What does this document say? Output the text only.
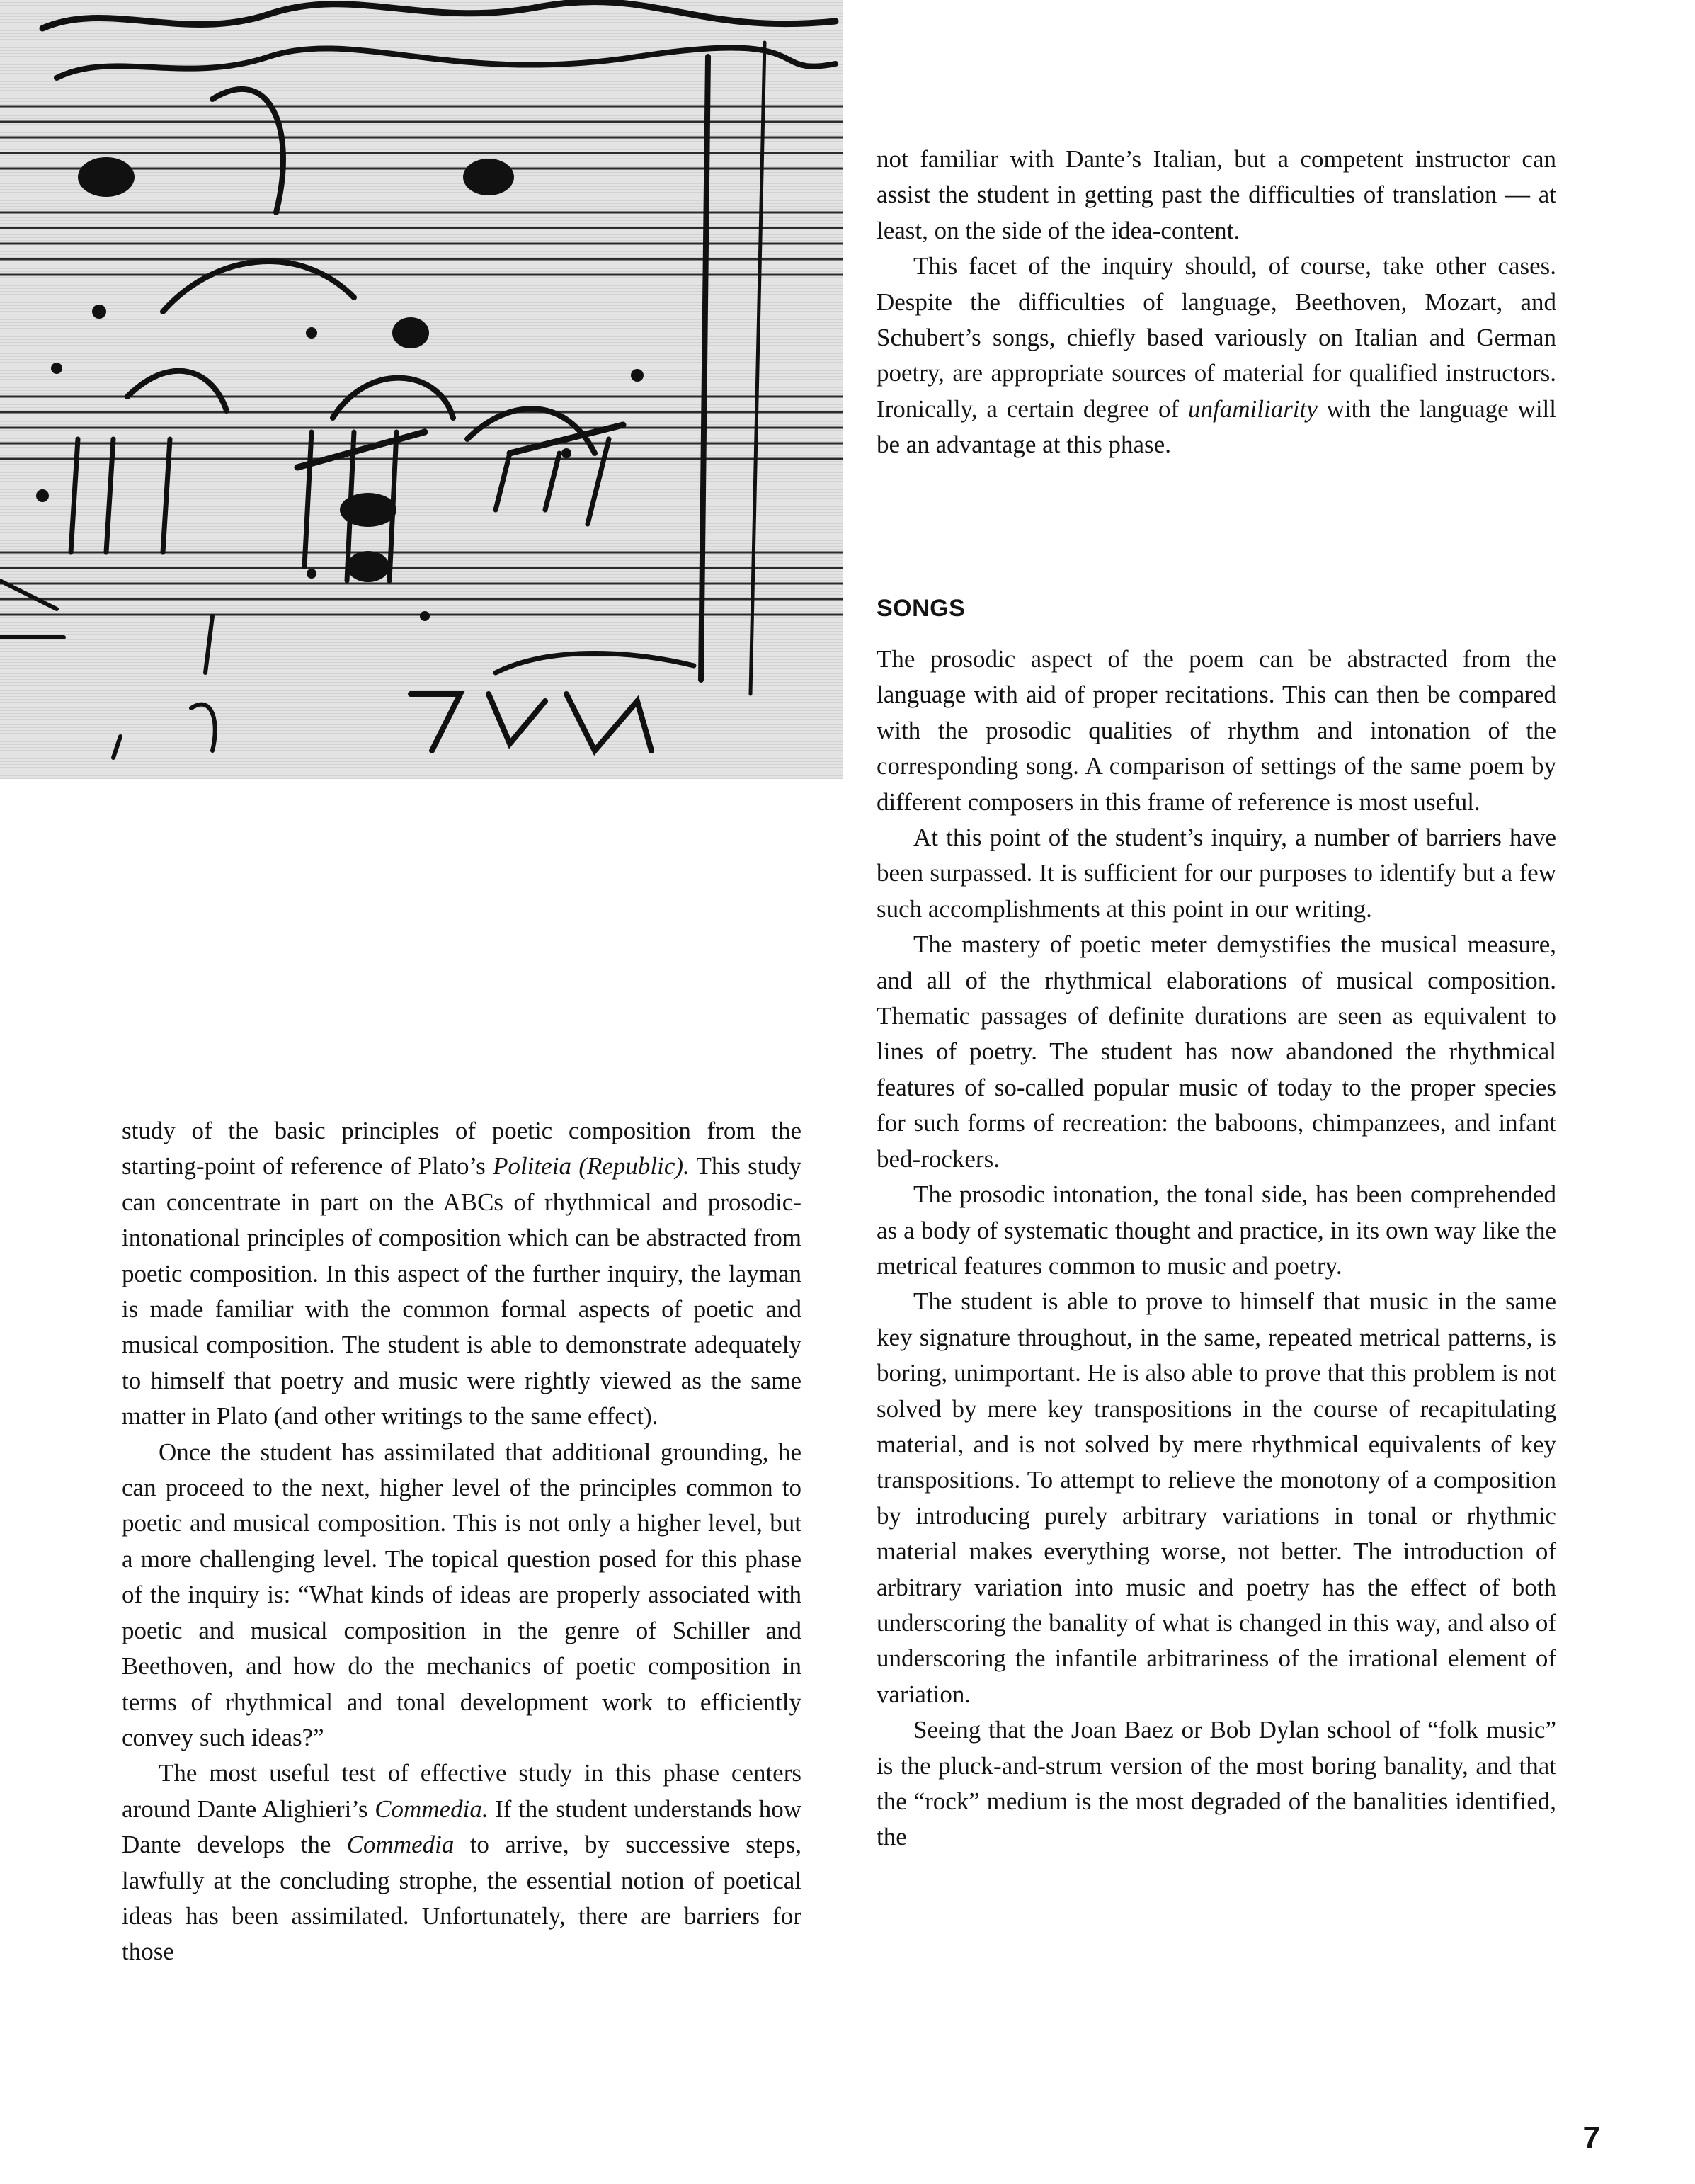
study of the basic principles of poetic composition from the starting-point of reference of Plato’s Politeia (Republic). This study can concentrate in part on the ABCs of rhythmical and prosodic-intonational principles of composition which can be abstracted from poetic composition. In this aspect of the further inquiry, the layman is made familiar with the common formal aspects of poetic and musical composition. The student is able to demonstrate adequately to himself that poetry and music were rightly viewed as the same matter in Plato (and other writings to the same effect).

Once the student has assimilated that additional grounding, he can proceed to the next, higher level of the principles common to poetic and musical composition. This is not only a higher level, but a more challenging level. The topical question posed for this phase of the inquiry is: “What kinds of ideas are properly associated with poetic and musical composition in the genre of Schiller and Beethoven, and how do the mechanics of poetic composition in terms of rhythmical and tonal development work to efficiently convey such ideas?”

The most useful test of effective study in this phase centers around Dante Alighieri’s Commedia. If the student understands how Dante develops the Commedia to arrive, by successive steps, lawfully at the concluding strophe, the essential notion of poetical ideas has been assimilated. Unfortunately, there are barriers for those

not familiar with Dante’s Italian, but a competent instructor can assist the student in getting past the difficulties of translation — at least, on the side of the idea-content.

This facet of the inquiry should, of course, take other cases. Despite the difficulties of language, Beethoven, Mozart, and Schubert’s songs, chiefly based variously on Italian and German poetry, are appropriate sources of material for qualified instructors. Ironically, a certain degree of unfamiliarity with the language will be an advantage at this phase.

SONGS

The prosodic aspect of the poem can be abstracted from the language with aid of proper recitations. This can then be compared with the prosodic qualities of rhythm and intonation of the corresponding song. A comparison of settings of the same poem by different composers in this frame of reference is most useful.

At this point of the student’s inquiry, a number of barriers have been surpassed. It is sufficient for our purposes to identify but a few such accomplishments at this point in our writing.

The mastery of poetic meter demystifies the musical measure, and all of the rhythmical elaborations of musical composition. Thematic passages of definite durations are seen as equivalent to lines of poetry. The student has now abandoned the rhythmical features of so-called popular music of today to the proper species for such forms of recreation: the baboons, chimpanzees, and infant bed-rockers.

The prosodic intonation, the tonal side, has been comprehended as a body of systematic thought and practice, in its own way like the metrical features common to music and poetry.

The student is able to prove to himself that music in the same key signature throughout, in the same, repeated metrical patterns, is boring, unimportant. He is also able to prove that this problem is not solved by mere key transpositions in the course of recapitulating material, and is not solved by mere rhythmical equivalents of key transpositions. To attempt to relieve the monotony of a composition by introducing purely arbitrary variations in tonal or rhythmic material makes everything worse, not better. The introduction of arbitrary variation into music and poetry has the effect of both underscoring the banality of what is changed in this way, and also of underscoring the infantile arbitrariness of the irrational element of variation.

Seeing that the Joan Baez or Bob Dylan school of “folk music” is the pluck-and-strum version of the most boring banality, and that the “rock” medium is the most degraded of the banalities identified, the

7
